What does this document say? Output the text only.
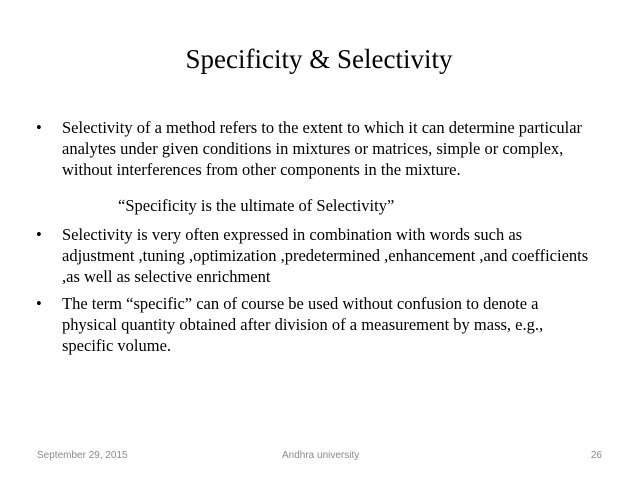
Specificity & Selectivity
•	Selectivity of a method refers to the extent to which it can determine particular analytes under given conditions in mixtures or matrices, simple or complex, without interferences from other components in the mixture.
“Specificity is the ultimate of Selectivity”
•	Selectivity is very often expressed in combination with words such as adjustment ,tuning ,optimization ,predetermined ,enhancement ,and coefficients ,as well as selective enrichment
•	The term “specific” can of course be used without confusion to denote a physical quantity obtained after division of a measurement by mass, e.g., specific volume.
September 29, 2015	Andhra university	26
